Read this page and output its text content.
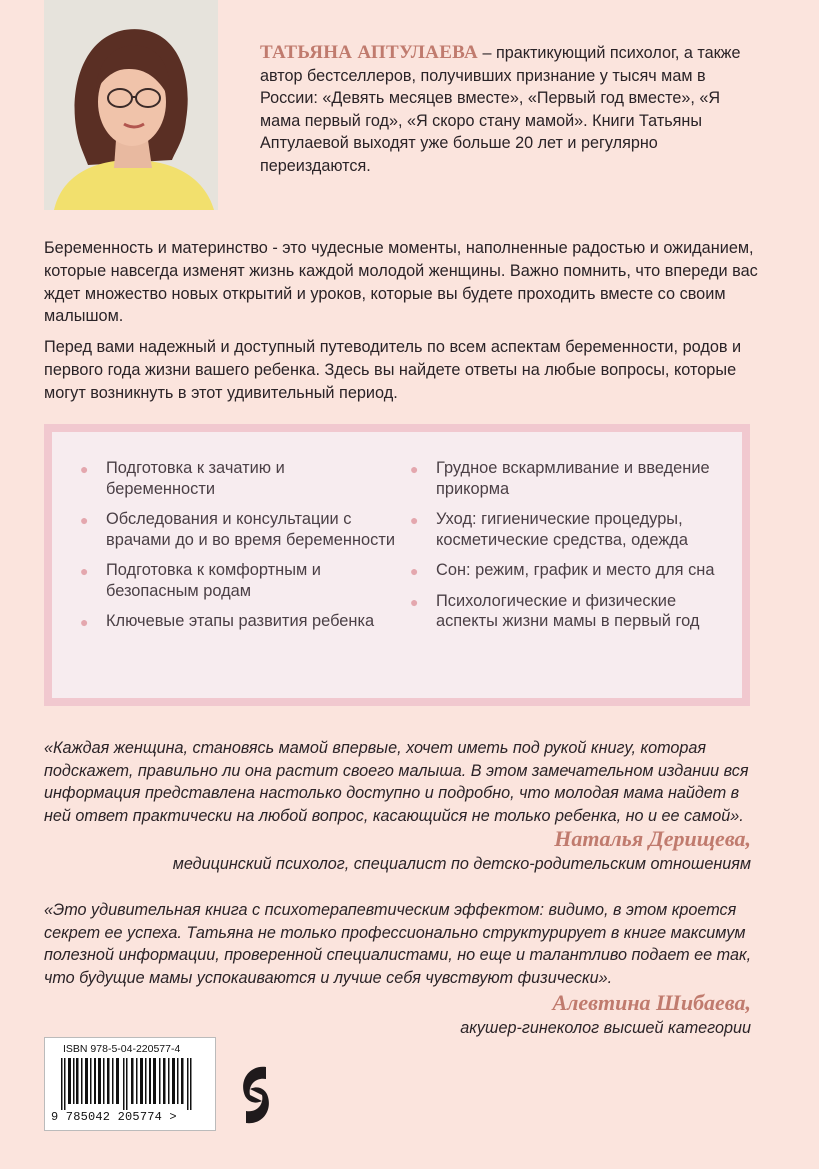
ТАТЬЯНА АПТУЛАЕВА – практикующий психолог, а также автор бестселлеров, получивших признание у тысяч мам в России: «Девять месяцев вместе», «Первый год вместе», «Я мама первый год», «Я скоро стану мамой». Книги Татьяны Аптулаевой выходят уже больше 20 лет и регулярно переиздаются.
Беременность и материнство - это чудесные моменты, наполненные радостью и ожиданием, которые навсегда изменят жизнь каждой молодой женщины. Важно помнить, что впереди вас ждет множество новых открытий и уроков, которые вы будете проходить вместе со своим малышом.
Перед вами надежный и доступный путеводитель по всем аспектам беременности, родов и первого года жизни вашего ребенка. Здесь вы найдете ответы на любые вопросы, которые могут возникнуть в этот удивительный период.
● Подготовка к зачатию и беременности
● Обследования и консультации с врачами до и во время беременности
● Подготовка к комфортным и безопасным родам
● Ключевые этапы развития ребенка
● Грудное вскармливание и введение прикорма
● Уход: гигиенические процедуры, косметические средства, одежда
● Сон: режим, график и место для сна
● Психологические и физические аспекты жизни мамы в первый год
«Каждая женщина, становясь мамой впервые, хочет иметь под рукой книгу, которая подскажет, правильно ли она растит своего малыша. В этом замечательном издании вся информация представлена настолько доступно и подробно, что молодая мама найдет в ней ответ практически на любой вопрос, касающийся не только ребенка, но и ее самой».
Наталья Дерищева,
медицинский психолог, специалист по детско-родительским отношениям
«Это удивительная книга с психотерапевтическим эффектом: видимо, в этом кроется секрет ее успеха. Татьяна не только профессионально структурирует в книге максимум полезной информации, проверенной специалистами, но еще и талантливо подает ее так, что будущие мамы успокаиваются и лучше себя чувствуют физически».
Алевтина Шибаева,
акушер-гинеколог высшей категории
ISBN 978-5-04-220577-4
9 785042 205774 >
